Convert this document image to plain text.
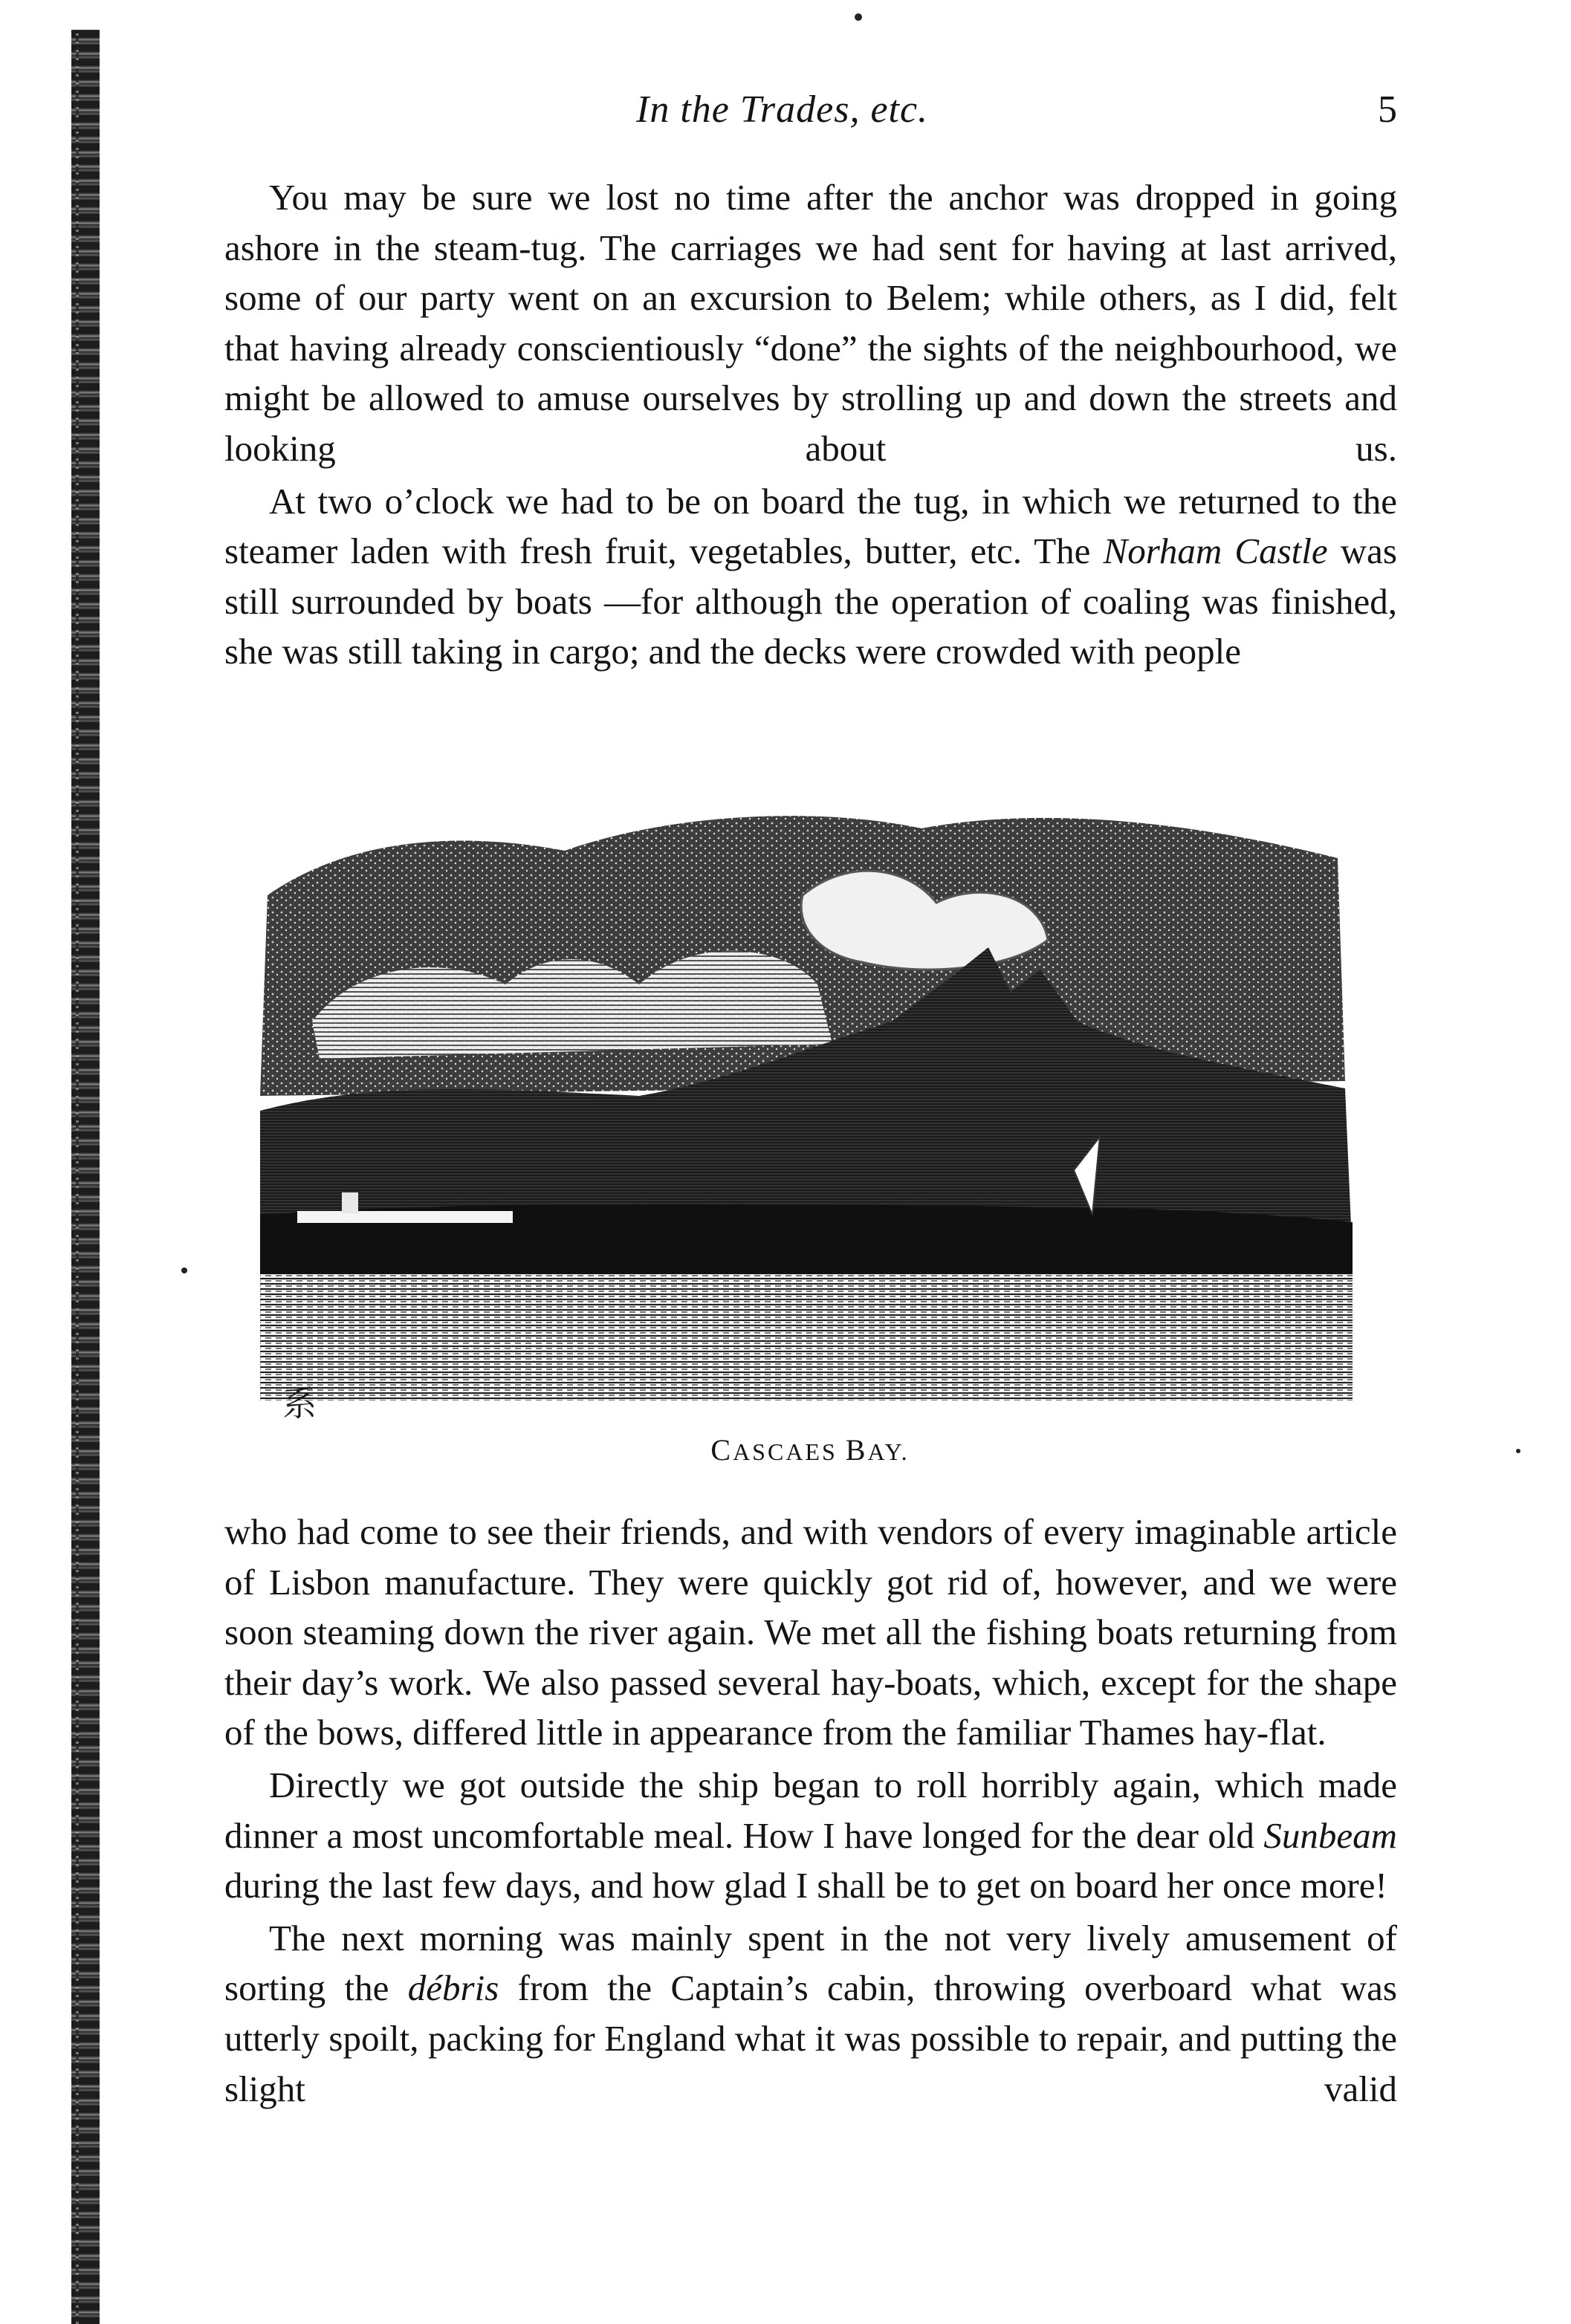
In the Trades, etc.	5

You may be sure we lost no time after the anchor was dropped in going ashore in the steam-tug. The carriages we had sent for having at last arrived, some of our party went on an excursion to Belem; while others, as I did, felt that having already conscientiously “done” the sights of the neighbourhood, we might be allowed to amuse ourselves by strolling up and down the streets and looking about us.

At two o’clock we had to be on board the tug, in which we returned to the steamer laden with fresh fruit, vegetables, butter, etc. The Norham Castle was still surrounded by boats —for although the operation of coaling was finished, she was still taking in cargo; and the decks were crowded with people

系
CASCAES BAY.

who had come to see their friends, and with vendors of every imaginable article of Lisbon manufacture. They were quickly got rid of, however, and we were soon steaming down the river again. We met all the fishing boats returning from their day’s work. We also passed several hay-boats, which, except for the shape of the bows, differed little in appearance from the familiar Thames hay-flat.

Directly we got outside the ship began to roll horribly again, which made dinner a most uncomfortable meal. How I have longed for the dear old Sunbeam during the last few days, and how glad I shall be to get on board her once more!

The next morning was mainly spent in the not very lively amusement of sorting the débris from the Captain’s cabin, throwing overboard what was utterly spoilt, packing for England what it was possible to repair, and putting the slight valid
